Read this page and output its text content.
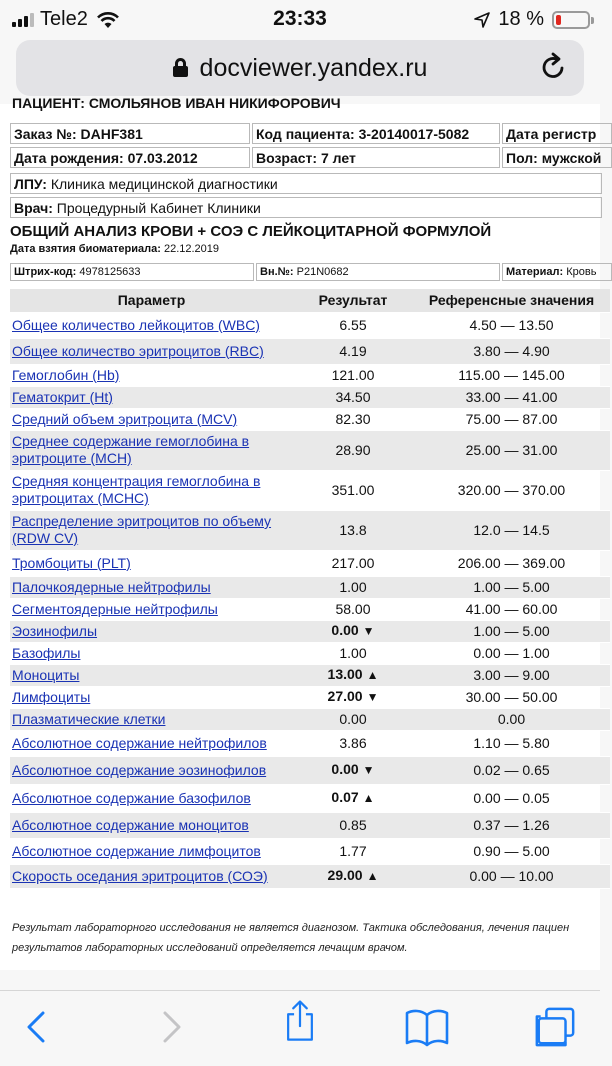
Tele2	23:33	18 %
docviewer.yandex.ru
ПАЦИЕНТ: СМОЛЬЯНОВ ИВАН НИКИФОРОВИЧ
Заказ №: DAHF381	Код пациента: 3-20140017-5082	Дата регистр
Дата рождения: 07.03.2012	Возраст: 7 лет	Пол: мужской
ЛПУ: Клиника медицинской диагностики
Врач: Процедурный Кабинет Клиники
ОБЩИЙ АНАЛИЗ КРОВИ + СОЭ С ЛЕЙКОЦИТАРНОЙ ФОРМУЛОЙ
Дата взятия биоматериала: 22.12.2019
Штрих-код: 4978125633	Вн.№: P21N0682	Материал: Кровь
Параметр	Результат	Референсные значения
Общее количество лейкоцитов (WBC)	6.55	4.50 — 13.50
Общее количество эритроцитов (RBC)	4.19	3.80 — 4.90
Гемоглобин (Hb)	121.00	115.00 — 145.00
Гематокрит (Ht)	34.50	33.00 — 41.00
Средний объем эритроцита (MCV)	82.30	75.00 — 87.00
Среднее содержание гемоглобина в эритроците (MCH)	28.90	25.00 — 31.00
Средняя концентрация гемоглобина в эритроцитах (MCHC)	351.00	320.00 — 370.00
Распределение эритроцитов по объему (RDW CV)	13.8	12.0 — 14.5
Тромбоциты (PLT)	217.00	206.00 — 369.00
Палочкоядерные нейтрофилы	1.00	1.00 — 5.00
Сегментоядерные нейтрофилы	58.00	41.00 — 60.00
Эозинофилы	0.00 ▼	1.00 — 5.00
Базофилы	1.00	0.00 — 1.00
Моноциты	13.00 ▲	3.00 — 9.00
Лимфоциты	27.00 ▼	30.00 — 50.00
Плазматические клетки	0.00	0.00
Абсолютное содержание нейтрофилов	3.86	1.10 — 5.80
Абсолютное содержание эозинофилов	0.00 ▼	0.02 — 0.65
Абсолютное содержание базофилов	0.07 ▲	0.00 — 0.05
Абсолютное содержание моноцитов	0.85	0.37 — 1.26
Абсолютное содержание лимфоцитов	1.77	0.90 — 5.00
Скорость оседания эритроцитов (СОЭ)	29.00 ▲	0.00 — 10.00
Результат лабораторного исследования не является диагнозом. Тактика обследования, лечения пациен
результатов лабораторных исследований определяется лечащим врачом.
